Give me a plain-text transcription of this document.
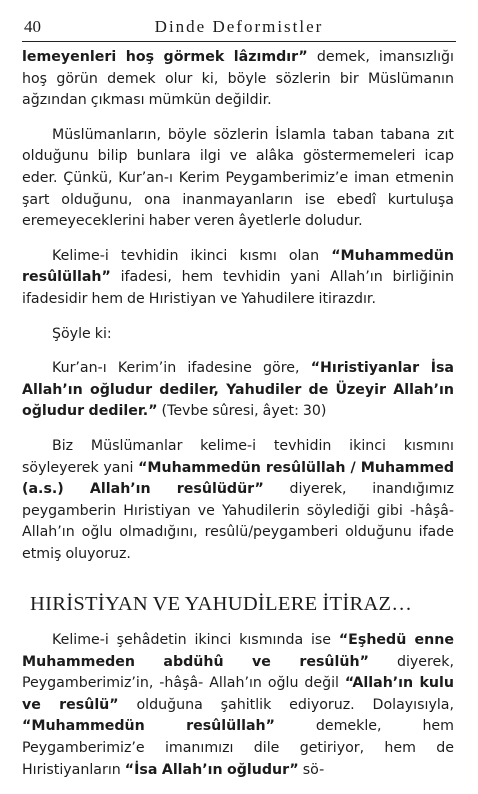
40	Dinde Deformistler

lemeyenleri hoş görmek lâzımdır” demek, imansızlığı hoş görün demek olur ki, böyle sözlerin bir Müslümanın ağzından çıkması mümkün değildir.

Müslümanların, böyle sözlerin İslamla taban tabana zıt olduğunu bilip bunlara ilgi ve alâka göstermemeleri icap eder. Çünkü, Kur’an-ı Kerim Peygamberimiz’e iman etmenin şart olduğunu, ona inanmayanların ise ebedî kurtuluşa eremeyeceklerini haber veren âyetlerle doludur.

Kelime-i tevhidin ikinci kısmı olan “Muhammedün resûlüllah” ifadesi, hem tevhidin yani Allah’ın birliğinin ifadesidir hem de Hıristiyan ve Yahudilere itirazdır.

Şöyle ki:

Kur’an-ı Kerim’in ifadesine göre, “Hıristiyanlar İsa Allah’ın oğludur dediler, Yahudiler de Üzeyir Allah’ın oğludur dediler.” (Tevbe sûresi, âyet: 30)

Biz Müslümanlar kelime-i tevhidin ikinci kısmını söyleyerek yani “Muhammedün resûlüllah / Muhammed (a.s.) Allah’ın resûlüdür” diyerek, inandığımız peygamberin Hıristiyan ve Yahudilerin söylediği gibi -hâşâ- Allah’ın oğlu olmadığını, resûlü/peygamberi olduğunu ifade etmiş oluyoruz.

HIRİSTİYAN VE YAHUDİLERE İTİRAZ…

Kelime-i şehâdetin ikinci kısmında ise “Eşhedü enne Muhammeden abdühû ve resûlüh” diyerek, Peygamberimiz’in, -hâşâ- Allah’ın oğlu değil “Allah’ın kulu ve resûlü” olduğuna şahitlik ediyoruz. Dolayısıyla, “Muhammedün resûlüllah” demekle, hem Peygamberimiz’e imanımızı dile getiriyor, hem de Hıristiyanların “İsa Allah’ın oğludur” sö-
